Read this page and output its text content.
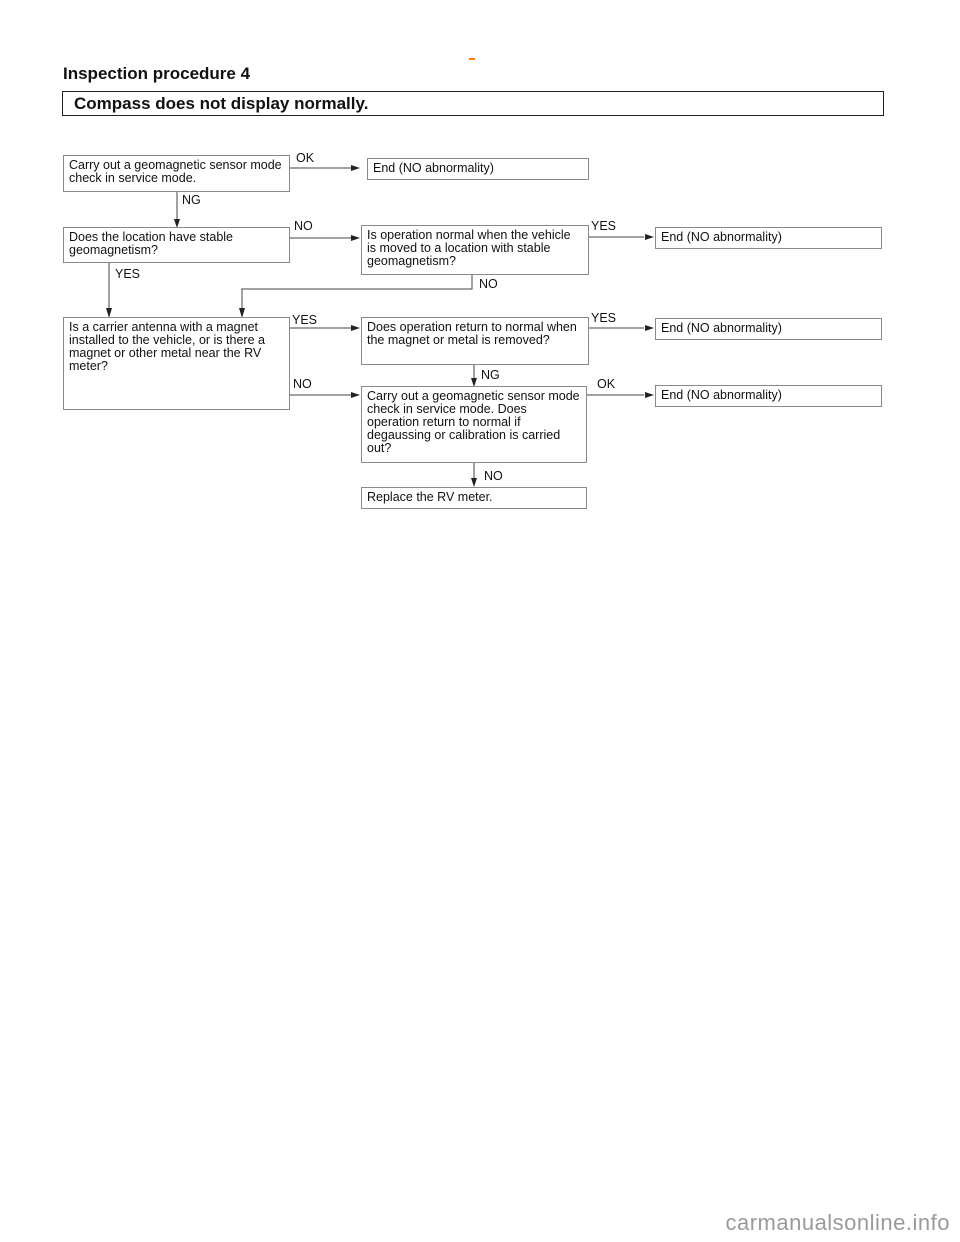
Inspection procedure 4
Compass does not display normally.
Carry out a geomagnetic sensor mode check in service mode.
End (NO abnormality)
Does the location have stable geomagnetism?
Is operation normal when the vehicle is moved to a location with stable geomagnetism?
End (NO abnormality)
Is a carrier antenna with a magnet installed to the vehicle, or is there a magnet or other metal near the RV meter?
Does operation return to normal when the magnet or metal is removed?
End (NO abnormality)
Carry out a geomagnetic sensor mode check in service mode. Does operation return to normal if degaussing or calibration is carried out?
End (NO abnormality)
Replace the RV meter.
OK
NG
NO	YES
YES
NO
YES	YES
NG
NO	OK
NO
carmanualsonline.info
